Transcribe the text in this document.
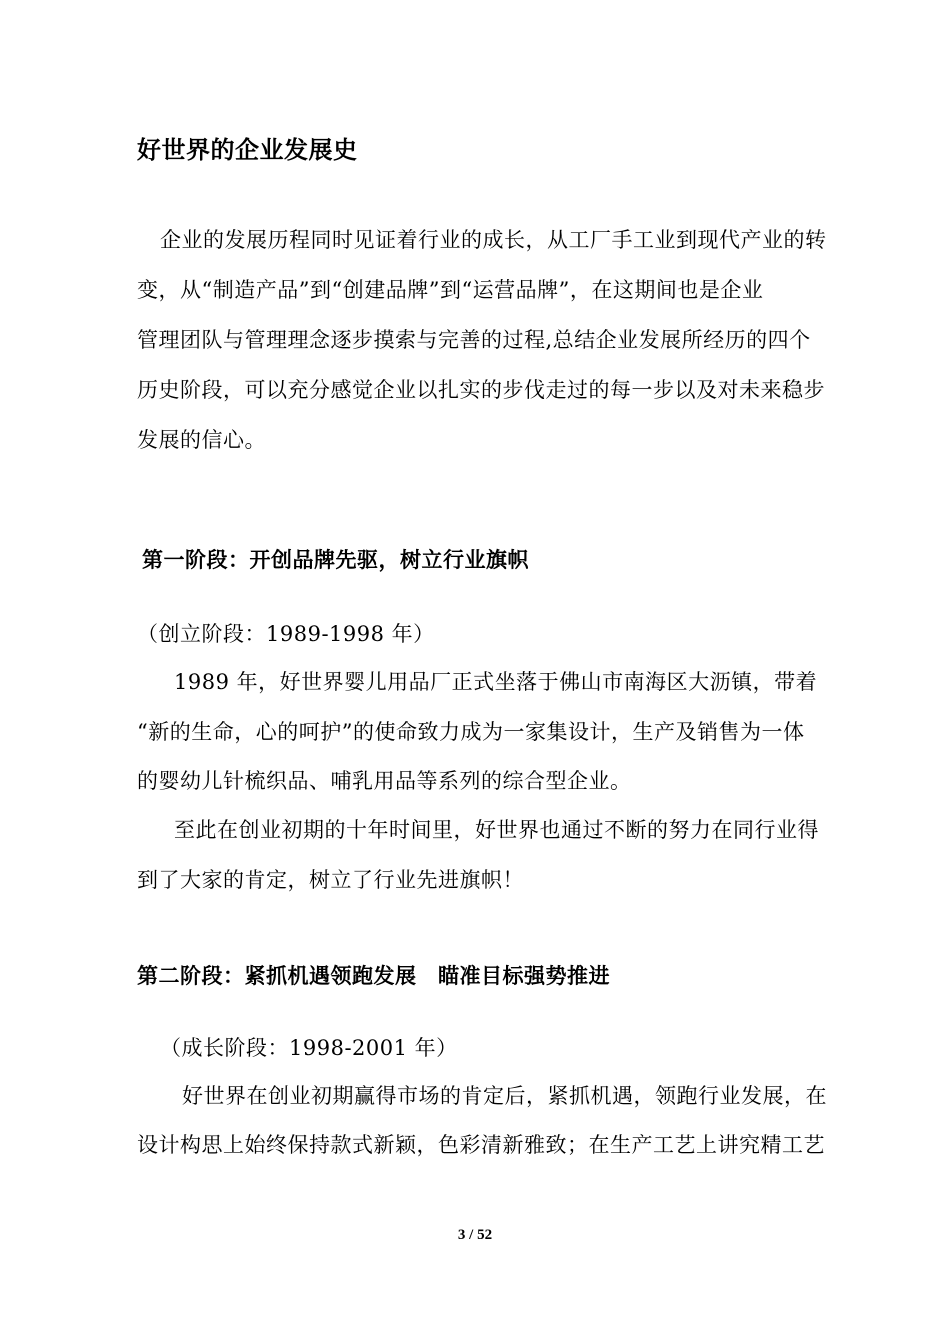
好世界的企业发展史
企业的发展历程同时见证着行业的成长，从工厂手工业到现代产业的转
变，从“制造产品”到“创建品牌”到“运营品牌”，在这期间也是企业
管理团队与管理理念逐步摸索与完善的过程,总结企业发展所经历的四个
历史阶段，可以充分感觉企业以扎实的步伐走过的每一步以及对未来稳步
发展的信心。
第一阶段：开创品牌先驱，树立行业旗帜
（创立阶段：1989-1998 年）
1989 年，好世界婴儿用品厂正式坐落于佛山市南海区大沥镇，带着
“新的生命，心的呵护”的使命致力成为一家集设计，生产及销售为一体
的婴幼儿针梳织品、哺乳用品等系列的综合型企业。
至此在创业初期的十年时间里，好世界也通过不断的努力在同行业得
到了大家的肯定，树立了行业先进旗帜！
第二阶段：紧抓机遇领跑发展　瞄准目标强势推进
（成长阶段：1998-2001 年）
好世界在创业初期赢得市场的肯定后，紧抓机遇，领跑行业发展，在
设计构思上始终保持款式新颖，色彩清新雅致；在生产工艺上讲究精工艺
3 / 52
